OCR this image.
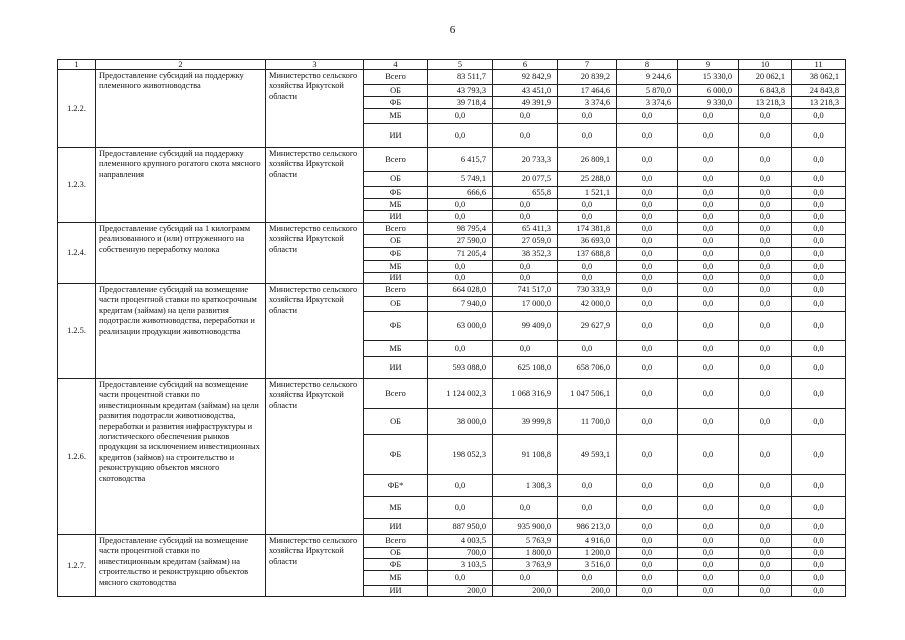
6
1	2	3	4	5	6	7	8	9	10	11
1.2.2.	Предоставление субсидий на поддержку племенного животноводства	Министерство сельского хозяйства Иркутской области	Всего	83 511,7	92 842,9	20 839,2	9 244,6	15 330,0	20 062,1	38 062,1
			ОБ	43 793,3	43 451,0	17 464,6	5 870,0	6 000,0	6 843,8	24 843,8
			ФБ	39 718,4	49 391,9	3 374,6	3 374,6	9 330,0	13 218,3	13 218,3
			МБ	0,0	0,0	0,0	0,0	0,0	0,0	0,0
			ИИ	0,0	0,0	0,0	0,0	0,0	0,0	0,0
1.2.3.	Предоставление субсидий на поддержку племенного крупного рогатого скота мясного направления	Министерство сельского хозяйства Иркутской области	Всего	6 415,7	20 733,3	26 809,1	0,0	0,0	0,0	0,0
			ОБ	5 749,1	20 077,5	25 288,0	0,0	0,0	0,0	0,0
			ФБ	666,6	655,8	1 521,1	0,0	0,0	0,0	0,0
			МБ	0,0	0,0	0,0	0,0	0,0	0,0	0,0
			ИИ	0,0	0,0	0,0	0,0	0,0	0,0	0,0
1.2.4.	Предоставление субсидий на 1 килограмм реализованного и (или) отгруженного на собственную переработку молока	Министерство сельского хозяйства Иркутской области	Всего	98 795,4	65 411,3	174 381,8	0,0	0,0	0,0	0,0
			ОБ	27 590,0	27 059,0	36 693,0	0,0	0,0	0,0	0,0
			ФБ	71 205,4	38 352,3	137 688,8	0,0	0,0	0,0	0,0
			МБ	0,0	0,0	0,0	0,0	0,0	0,0	0,0
			ИИ	0,0	0,0	0,0	0,0	0,0	0,0	0,0
1.2.5.	Предоставление субсидий на возмещение части процентной ставки по краткосрочным кредитам (займам) на цели развития подотрасли животноводства, переработки и реализации продукции животноводства	Министерство сельского хозяйства Иркутской области	Всего	664 028,0	741 517,0	730 333,9	0,0	0,0	0,0	0,0
			ОБ	7 940,0	17 000,0	42 000,0	0,0	0,0	0,0	0,0
			ФБ	63 000,0	99 409,0	29 627,9	0,0	0,0	0,0	0,0
			МБ	0,0	0,0	0,0	0,0	0,0	0,0	0,0
			ИИ	593 088,0	625 108,0	658 706,0	0,0	0,0	0,0	0,0
1.2.6.	Предоставление субсидий на возмещение части процентной ставки по инвестиционным кредитам (займам) на цели развития подотрасли животноводства, переработки и развития инфраструктуры и логистического обеспечения рынков продукции за исключением инвестиционных кредитов (займов) на строительство и реконструкцию объектов мясного скотоводства	Министерство сельского хозяйства Иркутской области	Всего	1 124 002,3	1 068 316,9	1 047 506,1	0,0	0,0	0,0	0,0
			ОБ	38 000,0	39 999,8	11 700,0	0,0	0,0	0,0	0,0
			ФБ	198 052,3	91 108,8	49 593,1	0,0	0,0	0,0	0,0
			ФБ*	0,0	1 308,3	0,0	0,0	0,0	0,0	0,0
			МБ	0,0	0,0	0,0	0,0	0,0	0,0	0,0
			ИИ	887 950,0	935 900,0	986 213,0	0,0	0,0	0,0	0,0
1.2.7.	Предоставление субсидий на возмещение части процентной ставки по инвестиционным кредитам (займам) на строительство и реконструкцию объектов мясного скотоводства	Министерство сельского хозяйства Иркутской области	Всего	4 003,5	5 763,9	4 916,0	0,0	0,0	0,0	0,0
			ОБ	700,0	1 800,0	1 200,0	0,0	0,0	0,0	0,0
			ФБ	3 103,5	3 763,9	3 516,0	0,0	0,0	0,0	0,0
			МБ	0,0	0,0	0,0	0,0	0,0	0,0	0,0
			ИИ	200,0	200,0	200,0	0,0	0,0	0,0	0,0
